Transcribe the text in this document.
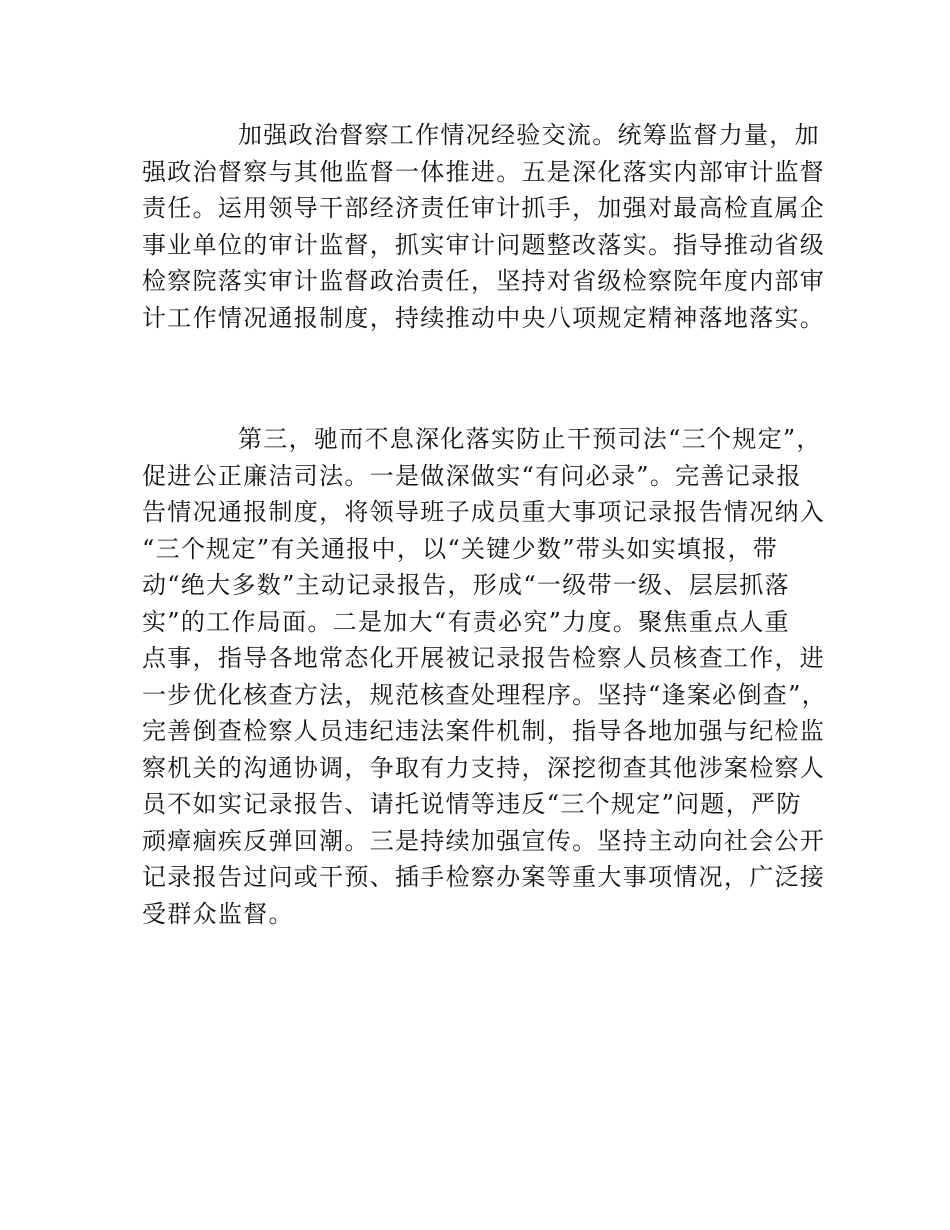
加强政治督察工作情况经验交流。统筹监督力量，加
强政治督察与其他监督一体推进。五是深化落实内部审计监督
责任。运用领导干部经济责任审计抓手，加强对最高检直属企
事业单位的审计监督，抓实审计问题整改落实。指导推动省级
检察院落实审计监督政治责任，坚持对省级检察院年度内部审
计工作情况通报制度，持续推动中央八项规定精神落地落实。
第三，驰而不息深化落实防止干预司法“三个规定”，
促进公正廉洁司法。一是做深做实“有问必录”。完善记录报
告情况通报制度，将领导班子成员重大事项记录报告情况纳入
“三个规定”有关通报中，以“关键少数”带头如实填报，带
动“绝大多数”主动记录报告，形成“一级带一级、层层抓落
实”的工作局面。二是加大“有责必究”力度。聚焦重点人重
点事，指导各地常态化开展被记录报告检察人员核查工作，进
一步优化核查方法，规范核查处理程序。坚持“逢案必倒查”，
完善倒查检察人员违纪违法案件机制，指导各地加强与纪检监
察机关的沟通协调，争取有力支持，深挖彻查其他涉案检察人
员不如实记录报告、请托说情等违反“三个规定”问题，严防
顽瘴痼疾反弹回潮。三是持续加强宣传。坚持主动向社会公开
记录报告过问或干预、插手检察办案等重大事项情况，广泛接
受群众监督。
